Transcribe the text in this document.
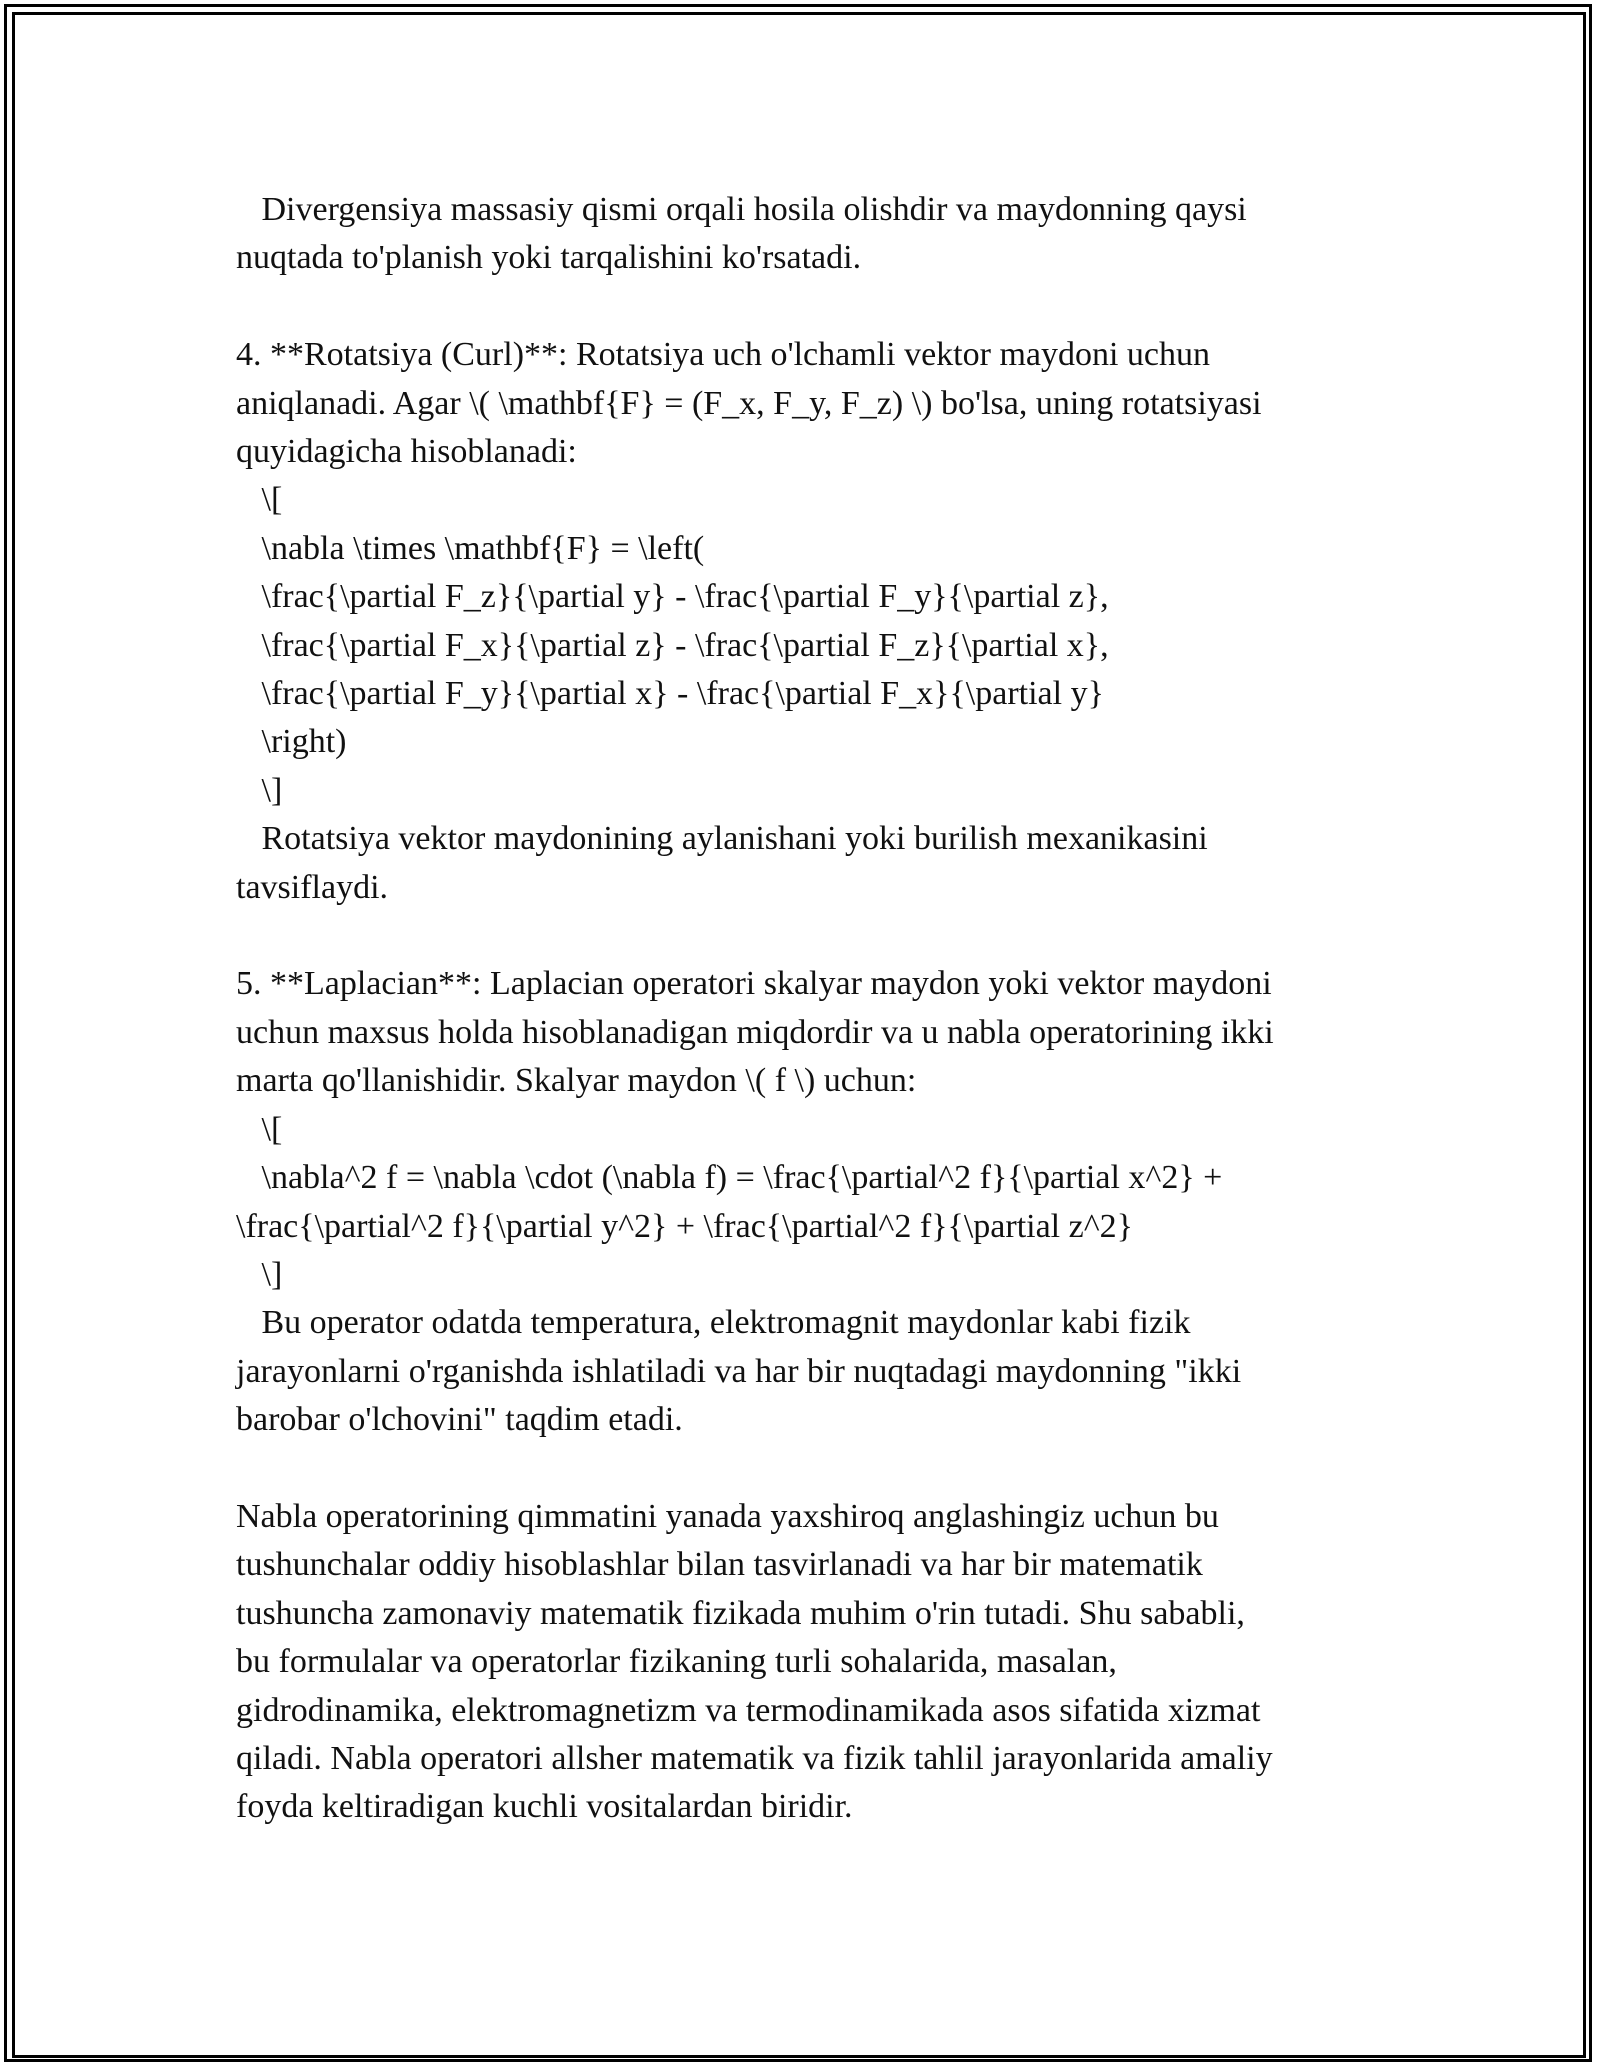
Divergensiya massasiy qismi orqali hosila olishdir va maydonning qaysi
nuqtada to'planish yoki tarqalishini ko'rsatadi.
4. **Rotatsiya (Curl)**: Rotatsiya uch o'lchamli vektor maydoni uchun
aniqlanadi. Agar \( \mathbf{F} = (F_x, F_y, F_z) \) bo'lsa, uning rotatsiyasi
quyidagicha hisoblanadi:
\[
\nabla \times \mathbf{F} = \left(
\frac{\partial F_z}{\partial y} - \frac{\partial F_y}{\partial z},
\frac{\partial F_x}{\partial z} - \frac{\partial F_z}{\partial x},
\frac{\partial F_y}{\partial x} - \frac{\partial F_x}{\partial y}
\right)
\]
Rotatsiya vektor maydonining aylanishani yoki burilish mexanikasini
tavsiflaydi.
5. **Laplacian**: Laplacian operatori skalyar maydon yoki vektor maydoni
uchun maxsus holda hisoblanadigan miqdordir va u nabla operatorining ikki
marta qo'llanishidir. Skalyar maydon \( f \) uchun:
\[
\nabla^2 f = \nabla \cdot (\nabla f) = \frac{\partial^2 f}{\partial x^2} +
\frac{\partial^2 f}{\partial y^2} + \frac{\partial^2 f}{\partial z^2}
\]
Bu operator odatda temperatura, elektromagnit maydonlar kabi fizik
jarayonlarni o'rganishda ishlatiladi va har bir nuqtadagi maydonning "ikki
barobar o'lchovini" taqdim etadi.
Nabla operatorining qimmatini yanada yaxshiroq anglashingiz uchun bu
tushunchalar oddiy hisoblashlar bilan tasvirlanadi va har bir matematik
tushuncha zamonaviy matematik fizikada muhim o'rin tutadi. Shu sababli,
bu formulalar va operatorlar fizikaning turli sohalarida, masalan,
gidrodinamika, elektromagnetizm va termodinamikada asos sifatida xizmat
qiladi. Nabla operatori allsher matematik va fizik tahlil jarayonlarida amaliy
foyda keltiradigan kuchli vositalardan biridir.
